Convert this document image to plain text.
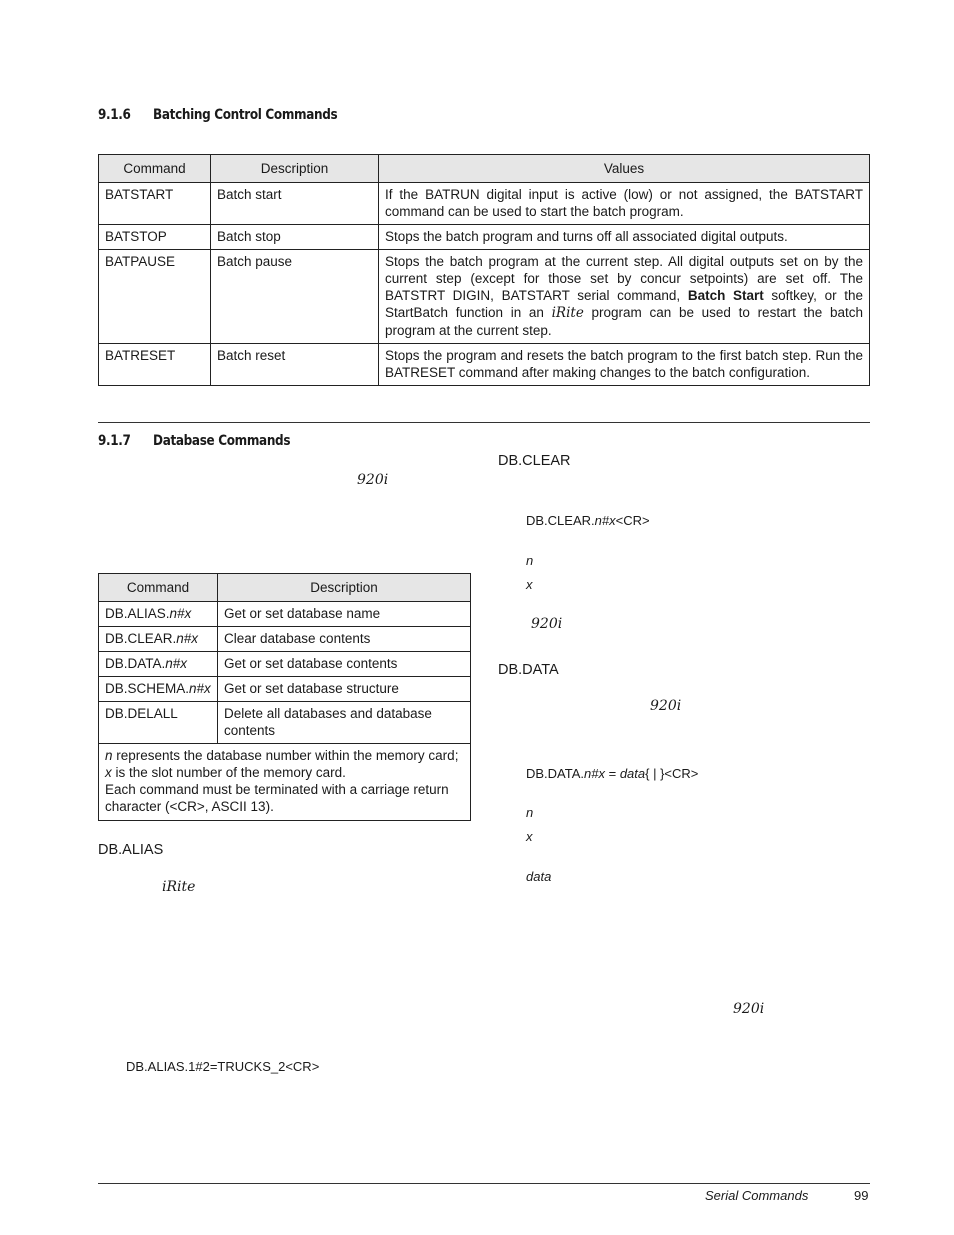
9.1.6 Batching Control Commands
Command	Description	Values
BATSTART	Batch start	If the BATRUN digital input is active (low) or not assigned, the BATSTART command can be used to start the batch program.
BATSTOP	Batch stop	Stops the batch program and turns off all associated digital outputs.
BATPAUSE	Batch pause	Stops the batch program at the current step. All digital outputs set on by the current step (except for those set by concur setpoints) are set off. The BATSTRT DIGIN, BATSTART serial command, Batch Start softkey, or the StartBatch function in an iRite program can be used to restart the batch program at the current step.
BATRESET	Batch reset	Stops the program and resets the batch program to the first batch step. Run the BATRESET command after making changes to the batch configuration.
9.1.7 Database Commands
920i
Command	Description
DB.ALIAS.n#x	Get or set database name
DB.CLEAR.n#x	Clear database contents
DB.DATA.n#x	Get or set database contents
DB.SCHEMA.n#x	Get or set database structure
DB.DELALL	Delete all databases and database contents

n represents the database number within the memory card;
x is the slot number of the memory card.
Each command must be terminated with a carriage return character (<CR>, ASCII 13).	
DB.ALIAS
iRite
DB.ALIAS.1#2=TRUCKS_2<CR>
DB.CLEAR
DB.CLEAR.n#x<CR>
n
x
920i
DB.DATA
920i
DB.DATA.n#x = data{ | }<CR>
n
x
data
920i
Serial Commands	99
